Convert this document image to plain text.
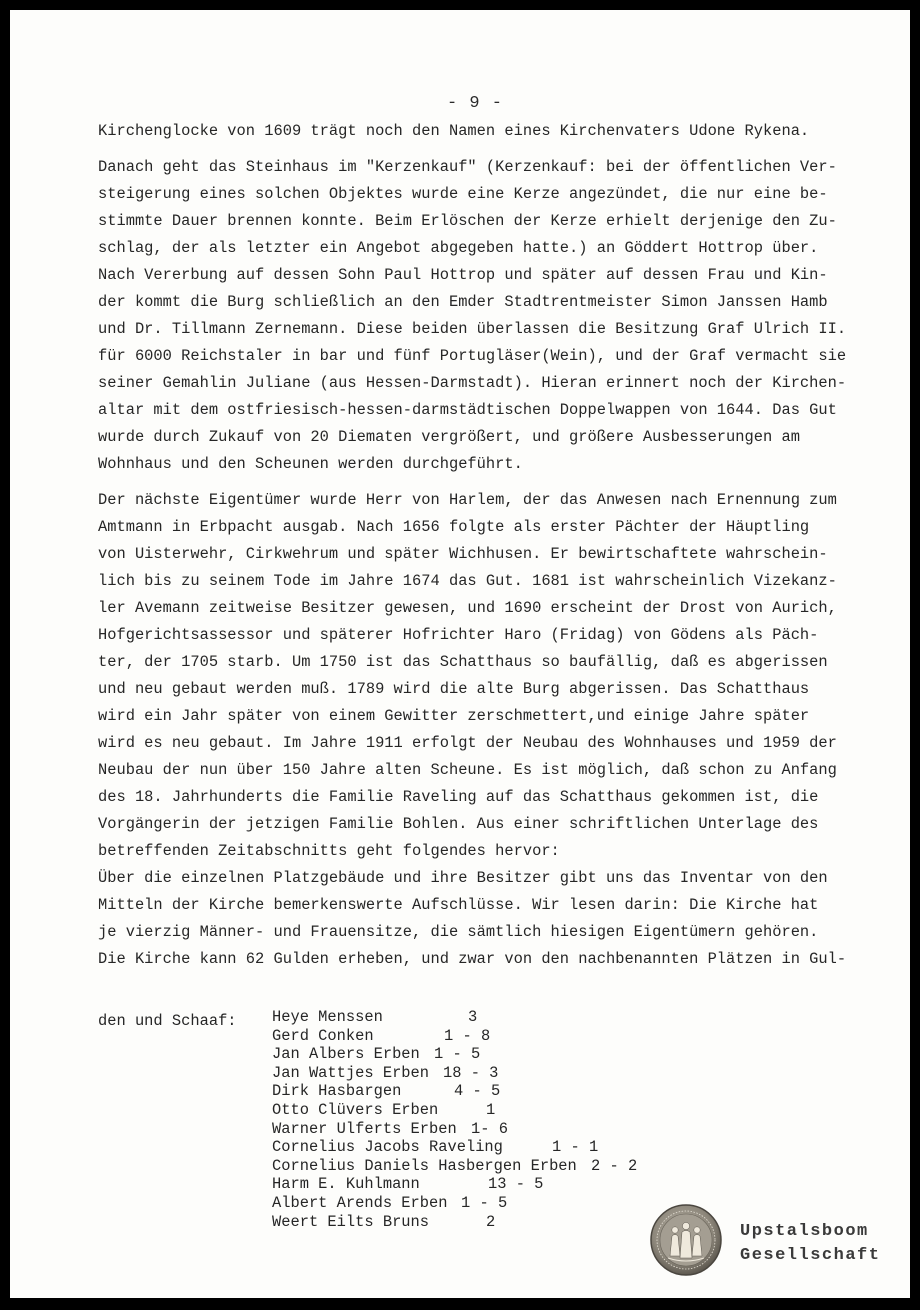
- 9 -
Kirchenglocke von 1609 trägt noch den Namen eines Kirchenvaters Udone Rykena.
Danach geht das Steinhaus im "Kerzenkauf" (Kerzenkauf: bei der öffentlichen Ver-
steigerung eines solchen Objektes wurde eine Kerze angezündet, die nur eine be-
stimmte Dauer brennen konnte. Beim Erlöschen der Kerze erhielt derjenige den Zu-
schlag, der als letzter ein Angebot abgegeben hatte.) an Göddert Hottrop über.
Nach Vererbung auf dessen Sohn Paul Hottrop und später auf dessen Frau und Kin-
der kommt die Burg schließlich an den Emder Stadtrentmeister Simon Janssen Hamb
und Dr. Tillmann Zernemann. Diese beiden überlassen die Besitzung Graf Ulrich II.
für 6000 Reichstaler in bar und fünf Portugläser(Wein), und der Graf vermacht sie
seiner Gemahlin Juliane (aus Hessen-Darmstadt). Hieran erinnert noch der Kirchen-
altar mit dem ostfriesisch-hessen-darmstädtischen Doppelwappen von 1644. Das Gut
wurde durch Zukauf von 20 Diematen vergrößert, und größere Ausbesserungen am
Wohnhaus und den Scheunen werden durchgeführt.
Der nächste Eigentümer wurde Herr von Harlem, der das Anwesen nach Ernennung zum
Amtmann in Erbpacht ausgab. Nach 1656 folgte als erster Pächter der Häuptling
von Uisterwehr, Cirkwehrum und später Wichhusen. Er bewirtschaftete wahrschein-
lich bis zu seinem Tode im Jahre 1674 das Gut. 1681 ist wahrscheinlich Vizekanz-
ler Avemann zeitweise Besitzer gewesen, und 1690 erscheint der Drost von Aurich,
Hofgerichtsassessor und späterer Hofrichter Haro (Fridag) von Gödens als Päch-
ter, der 1705 starb. Um 1750 ist das Schatthaus so baufällig, daß es abgerissen
und neu gebaut werden muß. 1789 wird die alte Burg abgerissen. Das Schatthaus
wird ein Jahr später von einem Gewitter zerschmettert,und einige Jahre später
wird es neu gebaut. Im Jahre 1911 erfolgt der Neubau des Wohnhauses und 1959 der
Neubau der nun über 150 Jahre alten Scheune. Es ist möglich, daß schon zu Anfang
des 18. Jahrhunderts die Familie Raveling auf das Schatthaus gekommen ist, die
Vorgängerin der jetzigen Familie Bohlen. Aus einer schriftlichen Unterlage des
betreffenden Zeitabschnitts geht folgendes hervor:
Über die einzelnen Platzgebäude und ihre Besitzer gibt uns das Inventar von den
Mitteln der Kirche bemerkenswerte Aufschlüsse. Wir lesen darin: Die Kirche hat
je vierzig Männer- und Frauensitze, die sämtlich hiesigen Eigentümern gehören.
Die Kirche kann 62 Gulden erheben, und zwar von den nachbenannten Plätzen in Gul-
den und Schaaf: Heye Menssen	3
Gerd Conken	1 - 8
Jan Albers Erben 1 - 5
Jan Wattjes Erben 18 - 3
Dirk Hasbargen	4 - 5
Otto Clüvers Erben	1
Warner Ulferts Erben 1- 6
Cornelius Jacobs Raveling	1 - 1
Cornelius Daniels Hasbergen Erben 2 - 2
Harm E. Kuhlmann	13 - 5
Albert Arends Erben 1 - 5
Weert Eilts Bruns	2
Upstalsboom
Gesellschaft
